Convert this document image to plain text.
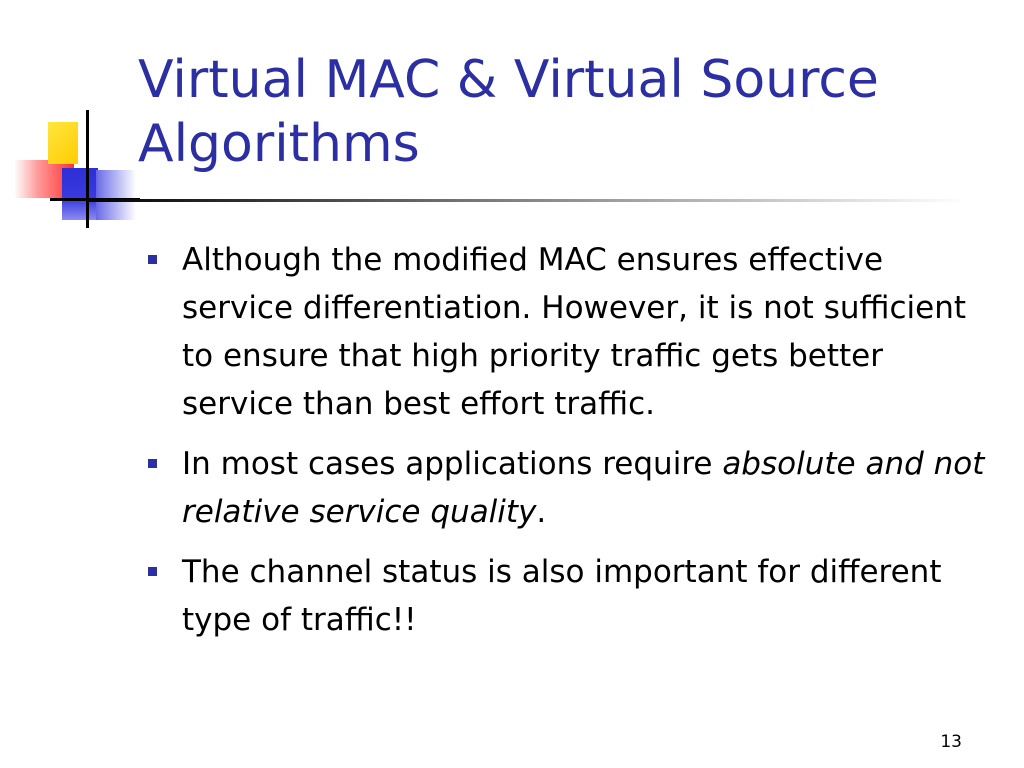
Virtual MAC & Virtual Source Algorithms
Although the modified MAC ensures effective service differentiation. However, it is not sufficient to ensure that high priority traffic gets better service than best effort traffic.
In most cases applications require absolute and not relative service quality.
The channel status is also important for different type of traffic!!
13
